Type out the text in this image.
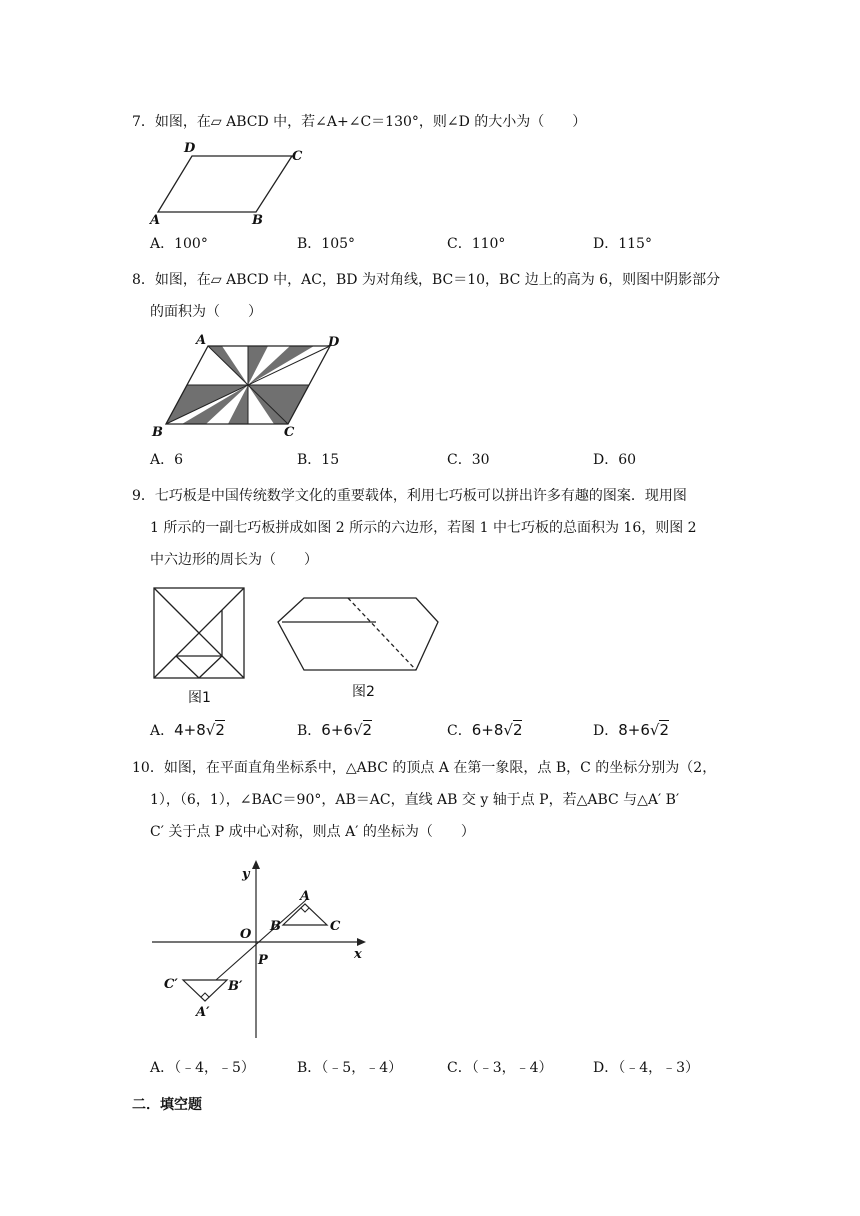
7．如图，在▱ ABCD 中，若∠A+∠C＝130°，则∠D 的大小为（　　）
D
C
A	B
A．100°	B．105°	C．110°	D．115°
8．如图，在▱ ABCD 中，AC，BD 为对角线，BC＝10，BC 边上的高为 6，则图中阴影部分
的面积为（　　）
A	D
B	C
A．6	B．15	C．30	D．60
9．七巧板是中国传统数学文化的重要载体，利用七巧板可以拼出许多有趣的图案．现用图
1 所示的一副七巧板拼成如图 2 所示的六边形，若图 1 中七巧板的总面积为 16，则图 2
中六边形的周长为（　　）
图1	图2
A．4+8√2	B．6+6√2	C．6+8√2	D．8+6√2
10．如图，在平面直角坐标系中，△ABC 的顶点 A 在第一象限，点 B，C 的坐标分别为（2，
1），（6，1），∠BAC＝90°，AB＝AC，直线 AB 交 y 轴于点 P，若△ABC 与△A′ B′
C′ 关于点 P 成中心对称，则点 A′ 的坐标为（　　）
y
x
O
P
A
B	C
A′
B′
C′
A．（﹣4，﹣5）	B．（﹣5，﹣4）	C．（﹣3，﹣4）	D．（﹣4，﹣3）
二．填空题
